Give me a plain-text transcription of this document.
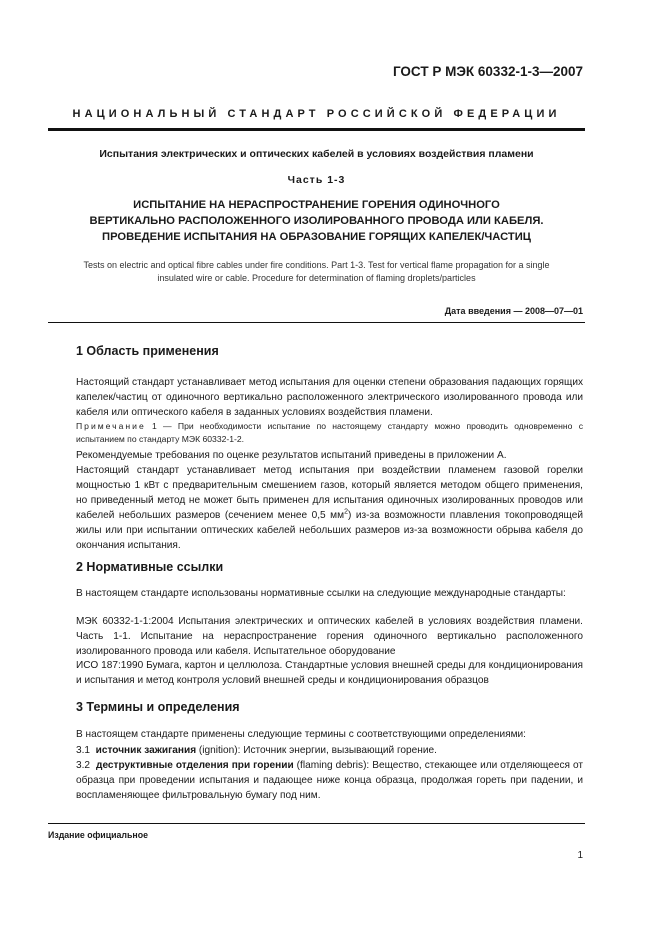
ГОСТ Р МЭК 60332-1-3—2007
НАЦИОНАЛЬНЫЙ СТАНДАРТ РОССИЙСКОЙ ФЕДЕРАЦИИ
Испытания электрических и оптических кабелей в условиях воздействия пламени
Часть 1-3
ИСПЫТАНИЕ НА НЕРАСПРОСТРАНЕНИЕ ГОРЕНИЯ ОДИНОЧНОГО
ВЕРТИКАЛЬНО РАСПОЛОЖЕННОГО ИЗОЛИРОВАННОГО ПРОВОДА ИЛИ КАБЕЛЯ.
ПРОВЕДЕНИЕ ИСПЫТАНИЯ НА ОБРАЗОВАНИЕ ГОРЯЩИХ КАПЕЛЕК/ЧАСТИЦ
Tests on electric and optical fibre cables under fire conditions. Part 1-3. Test for vertical flame propagation for a single
insulated wire or cable. Procedure for determination of flaming droplets/particles
Дата введения — 2008—07—01
1 Область применения
Настоящий стандарт устанавливает метод испытания для оценки степени образования падающих горящих капелек/частиц от одиночного вертикально расположенного электрического изолированного провода или кабеля или оптического кабеля в заданных условиях воздействия пламени.
Примечание 1 — При необходимости испытание по настоящему стандарту можно проводить одновременно с испытанием по стандарту МЭК 60332-1-2.
Рекомендуемые требования по оценке результатов испытаний приведены в приложении А.
Настоящий стандарт устанавливает метод испытания при воздействии пламенем газовой горелки мощностью 1 кВт с предварительным смешением газов, который является методом общего применения, но приведенный метод не может быть применен для испытания одиночных изолированных проводов или кабелей небольших размеров (сечением менее 0,5 $мм^2$) из-за возможности плавления токопроводящей жилы или при испытании оптических кабелей небольших размеров из-за возможности обрыва кабеля до окончания испытания.
2 Нормативные ссылки
В настоящем стандарте использованы нормативные ссылки на следующие международные стандарты:
МЭК 60332-1-1:2004 Испытания электрических и оптических кабелей в условиях воздействия пламени. Часть 1-1. Испытание на нераспространение горения одиночного вертикально расположенного изолированного провода или кабеля. Испытательное оборудование
ИСО 187:1990 Бумага, картон и целлюлоза. Стандартные условия внешней среды для кондиционирования и испытания и метод контроля условий внешней среды и кондиционирования образцов
3 Термины и определения
В настоящем стандарте применены следующие термины с соответствующими определениями:
3.1 источник зажигания (ignition): Источник энергии, вызывающий горение.
3.2 деструктивные отделения при горении (flaming debris): Вещество, стекающее или отделяющееся от образца при проведении испытания и падающее ниже конца образца, продолжая гореть при падении, и воспламеняющее фильтровальную бумагу под ним.
Издание официальное
1
